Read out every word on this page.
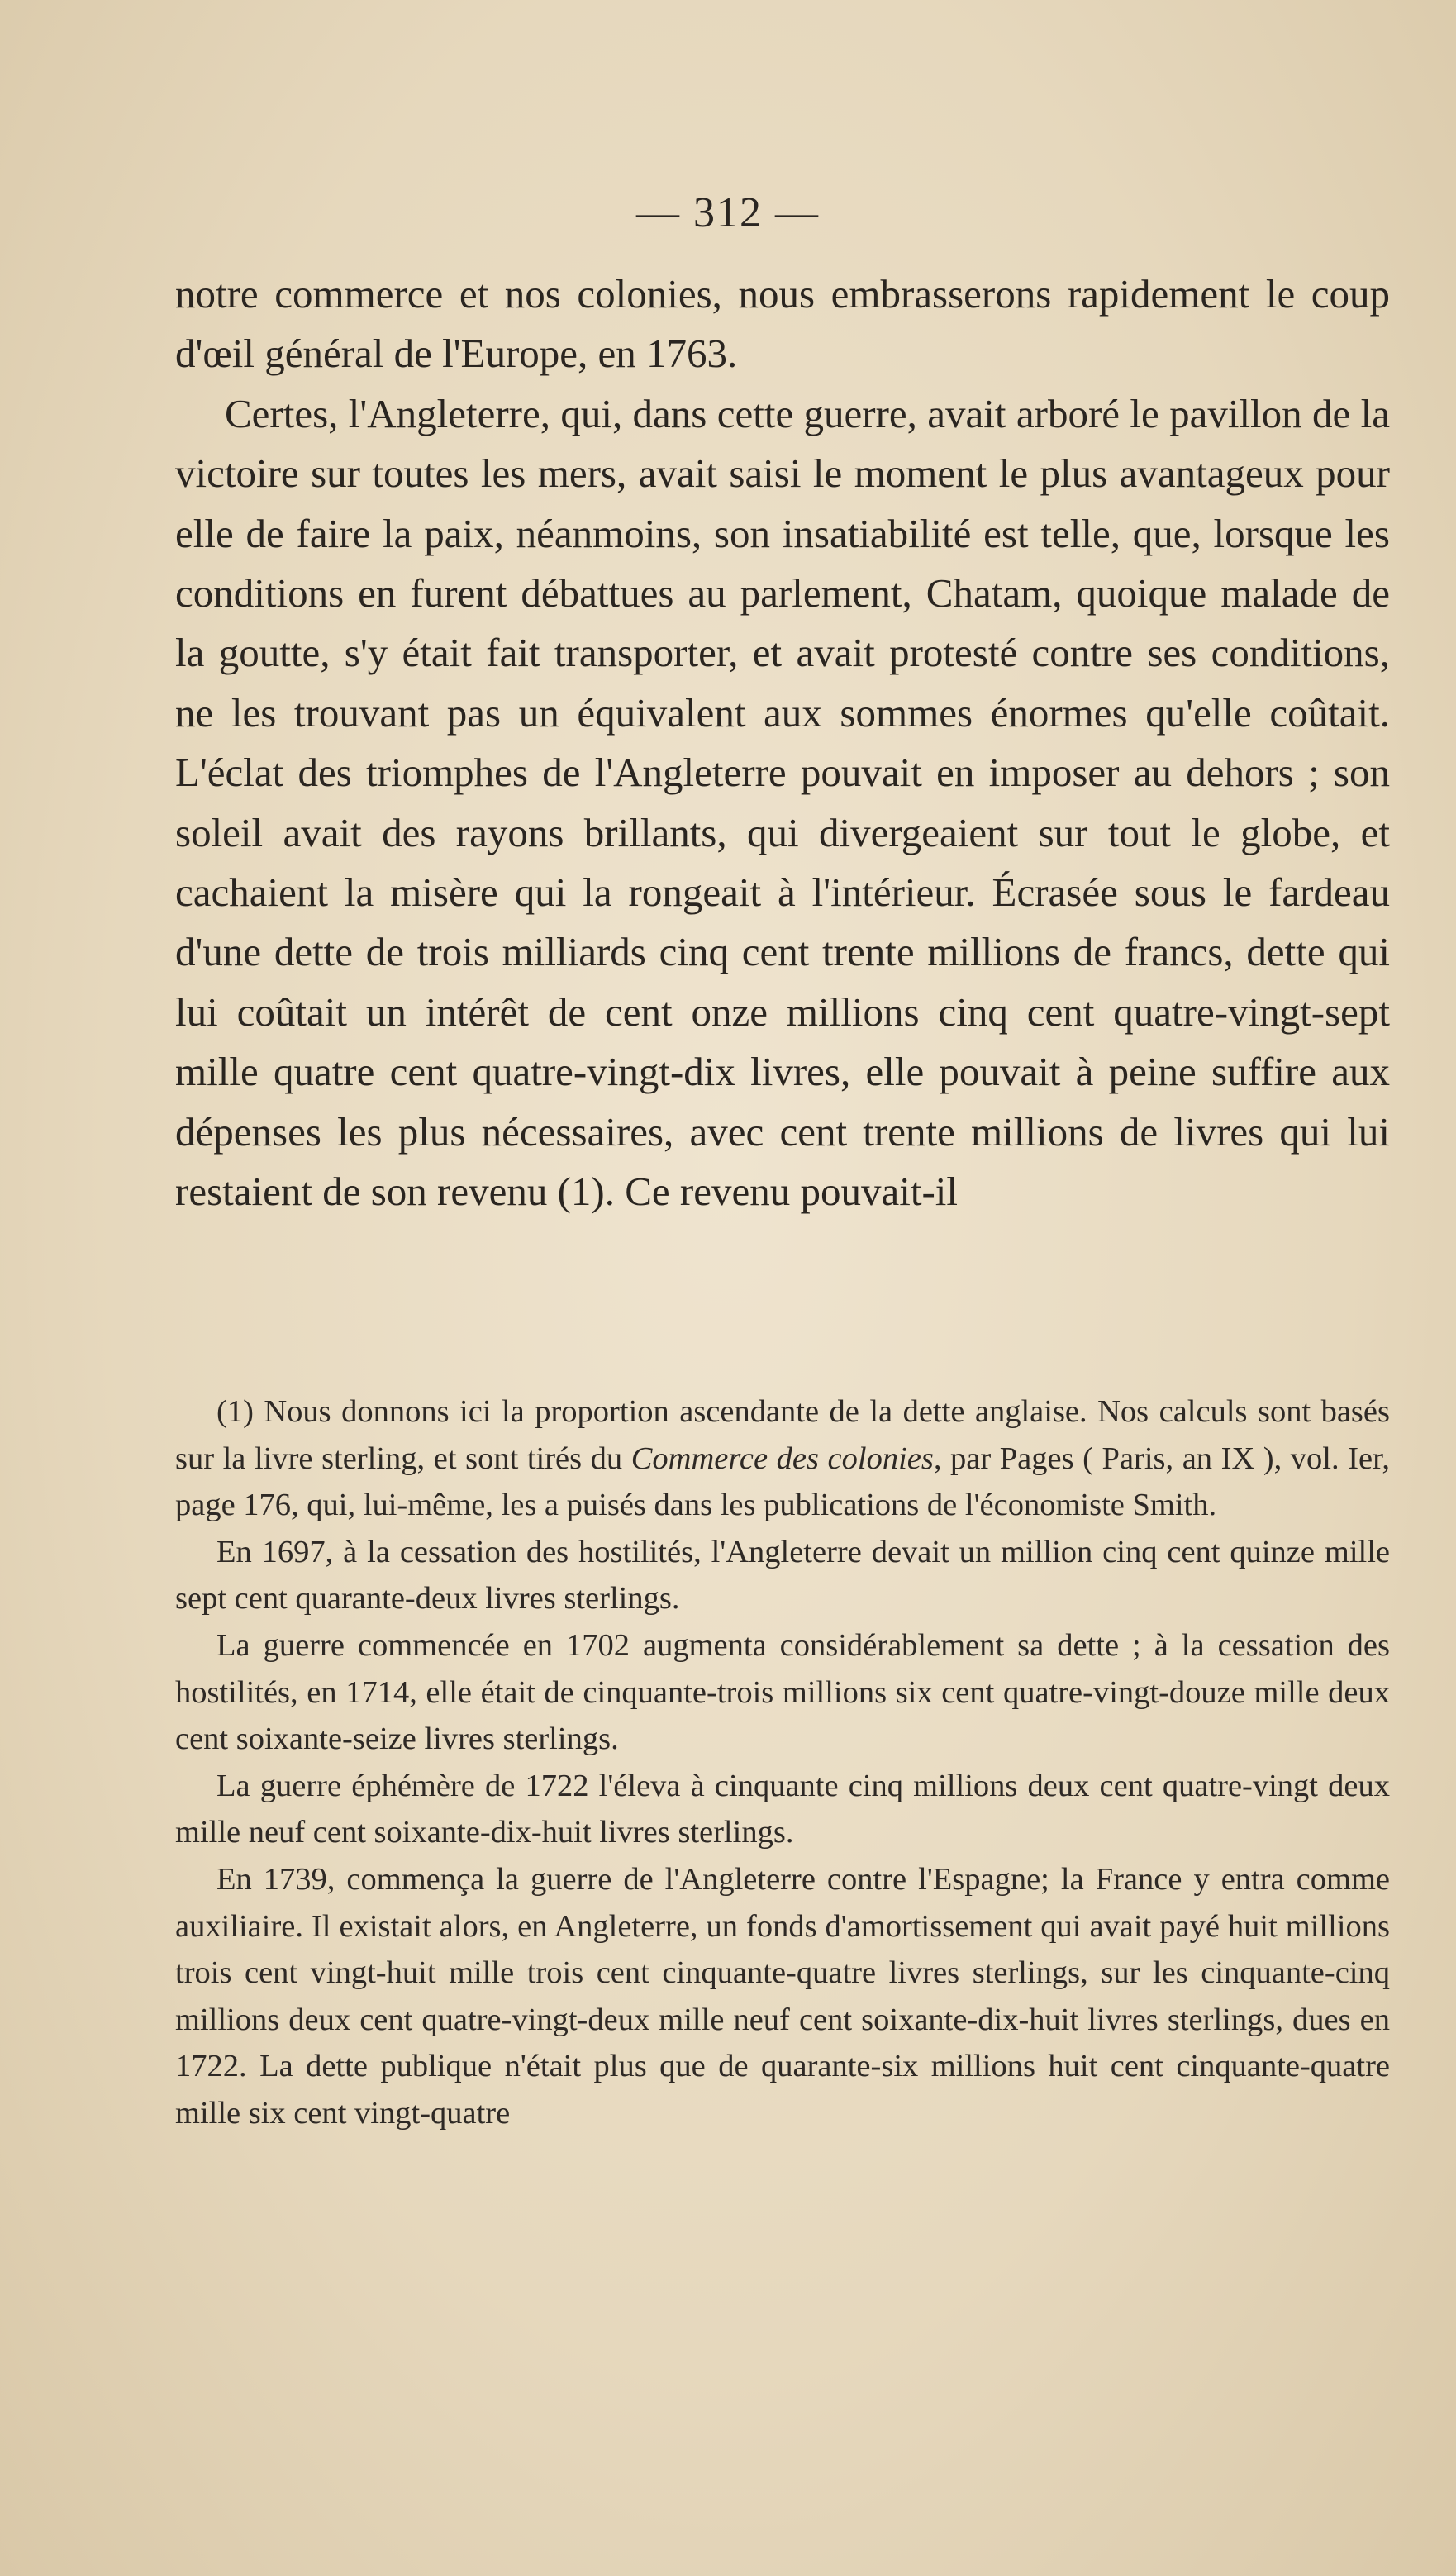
— 312 —

notre commerce et nos colonies, nous embrasserons rapidement le coup d'œil général de l'Europe, en 1763.

Certes, l'Angleterre, qui, dans cette guerre, avait arboré le pavillon de la victoire sur toutes les mers, avait saisi le moment le plus avantageux pour elle de faire la paix, néanmoins, son insatiabilité est telle, que, lorsque les conditions en furent débattues au parlement, Chatam, quoique malade de la goutte, s'y était fait transporter, et avait protesté contre ses conditions, ne les trouvant pas un équivalent aux sommes énormes qu'elle coûtait. L'éclat des triomphes de l'Angleterre pouvait en imposer au dehors ; son soleil avait des rayons brillants, qui divergeaient sur tout le globe, et cachaient la misère qui la rongeait à l'intérieur. Écrasée sous le fardeau d'une dette de trois milliards cinq cent trente millions de francs, dette qui lui coûtait un intérêt de cent onze millions cinq cent quatre-vingt-sept mille quatre cent quatre-vingt-dix livres, elle pouvait à peine suffire aux dépenses les plus nécessaires, avec cent trente millions de livres qui lui restaient de son revenu (1). Ce revenu pouvait-il

(1) Nous donnons ici la proportion ascendante de la dette anglaise. Nos calculs sont basés sur la livre sterling, et sont tirés du Commerce des colonies, par Pages ( Paris, an IX ), vol. Ier, page 176, qui, lui-même, les a puisés dans les publications de l'économiste Smith.

En 1697, à la cessation des hostilités, l'Angleterre devait un million cinq cent quinze mille sept cent quarante-deux livres sterlings.

La guerre commencée en 1702 augmenta considérablement sa dette ; à la cessation des hostilités, en 1714, elle était de cinquante-trois millions six cent quatre-vingt-douze mille deux cent soixante-seize livres sterlings.

La guerre éphémère de 1722 l'éleva à cinquante cinq millions deux cent quatre-vingt deux mille neuf cent soixante-dix-huit livres sterlings.

En 1739, commença la guerre de l'Angleterre contre l'Espagne; la France y entra comme auxiliaire. Il existait alors, en Angleterre, un fonds d'amortissement qui avait payé huit millions trois cent vingt-huit mille trois cent cinquante-quatre livres sterlings, sur les cinquante-cinq millions deux cent quatre-vingt-deux mille neuf cent soixante-dix-huit livres sterlings, dues en 1722. La dette publique n'était plus que de quarante-six millions huit cent cinquante-quatre mille six cent vingt-quatre
